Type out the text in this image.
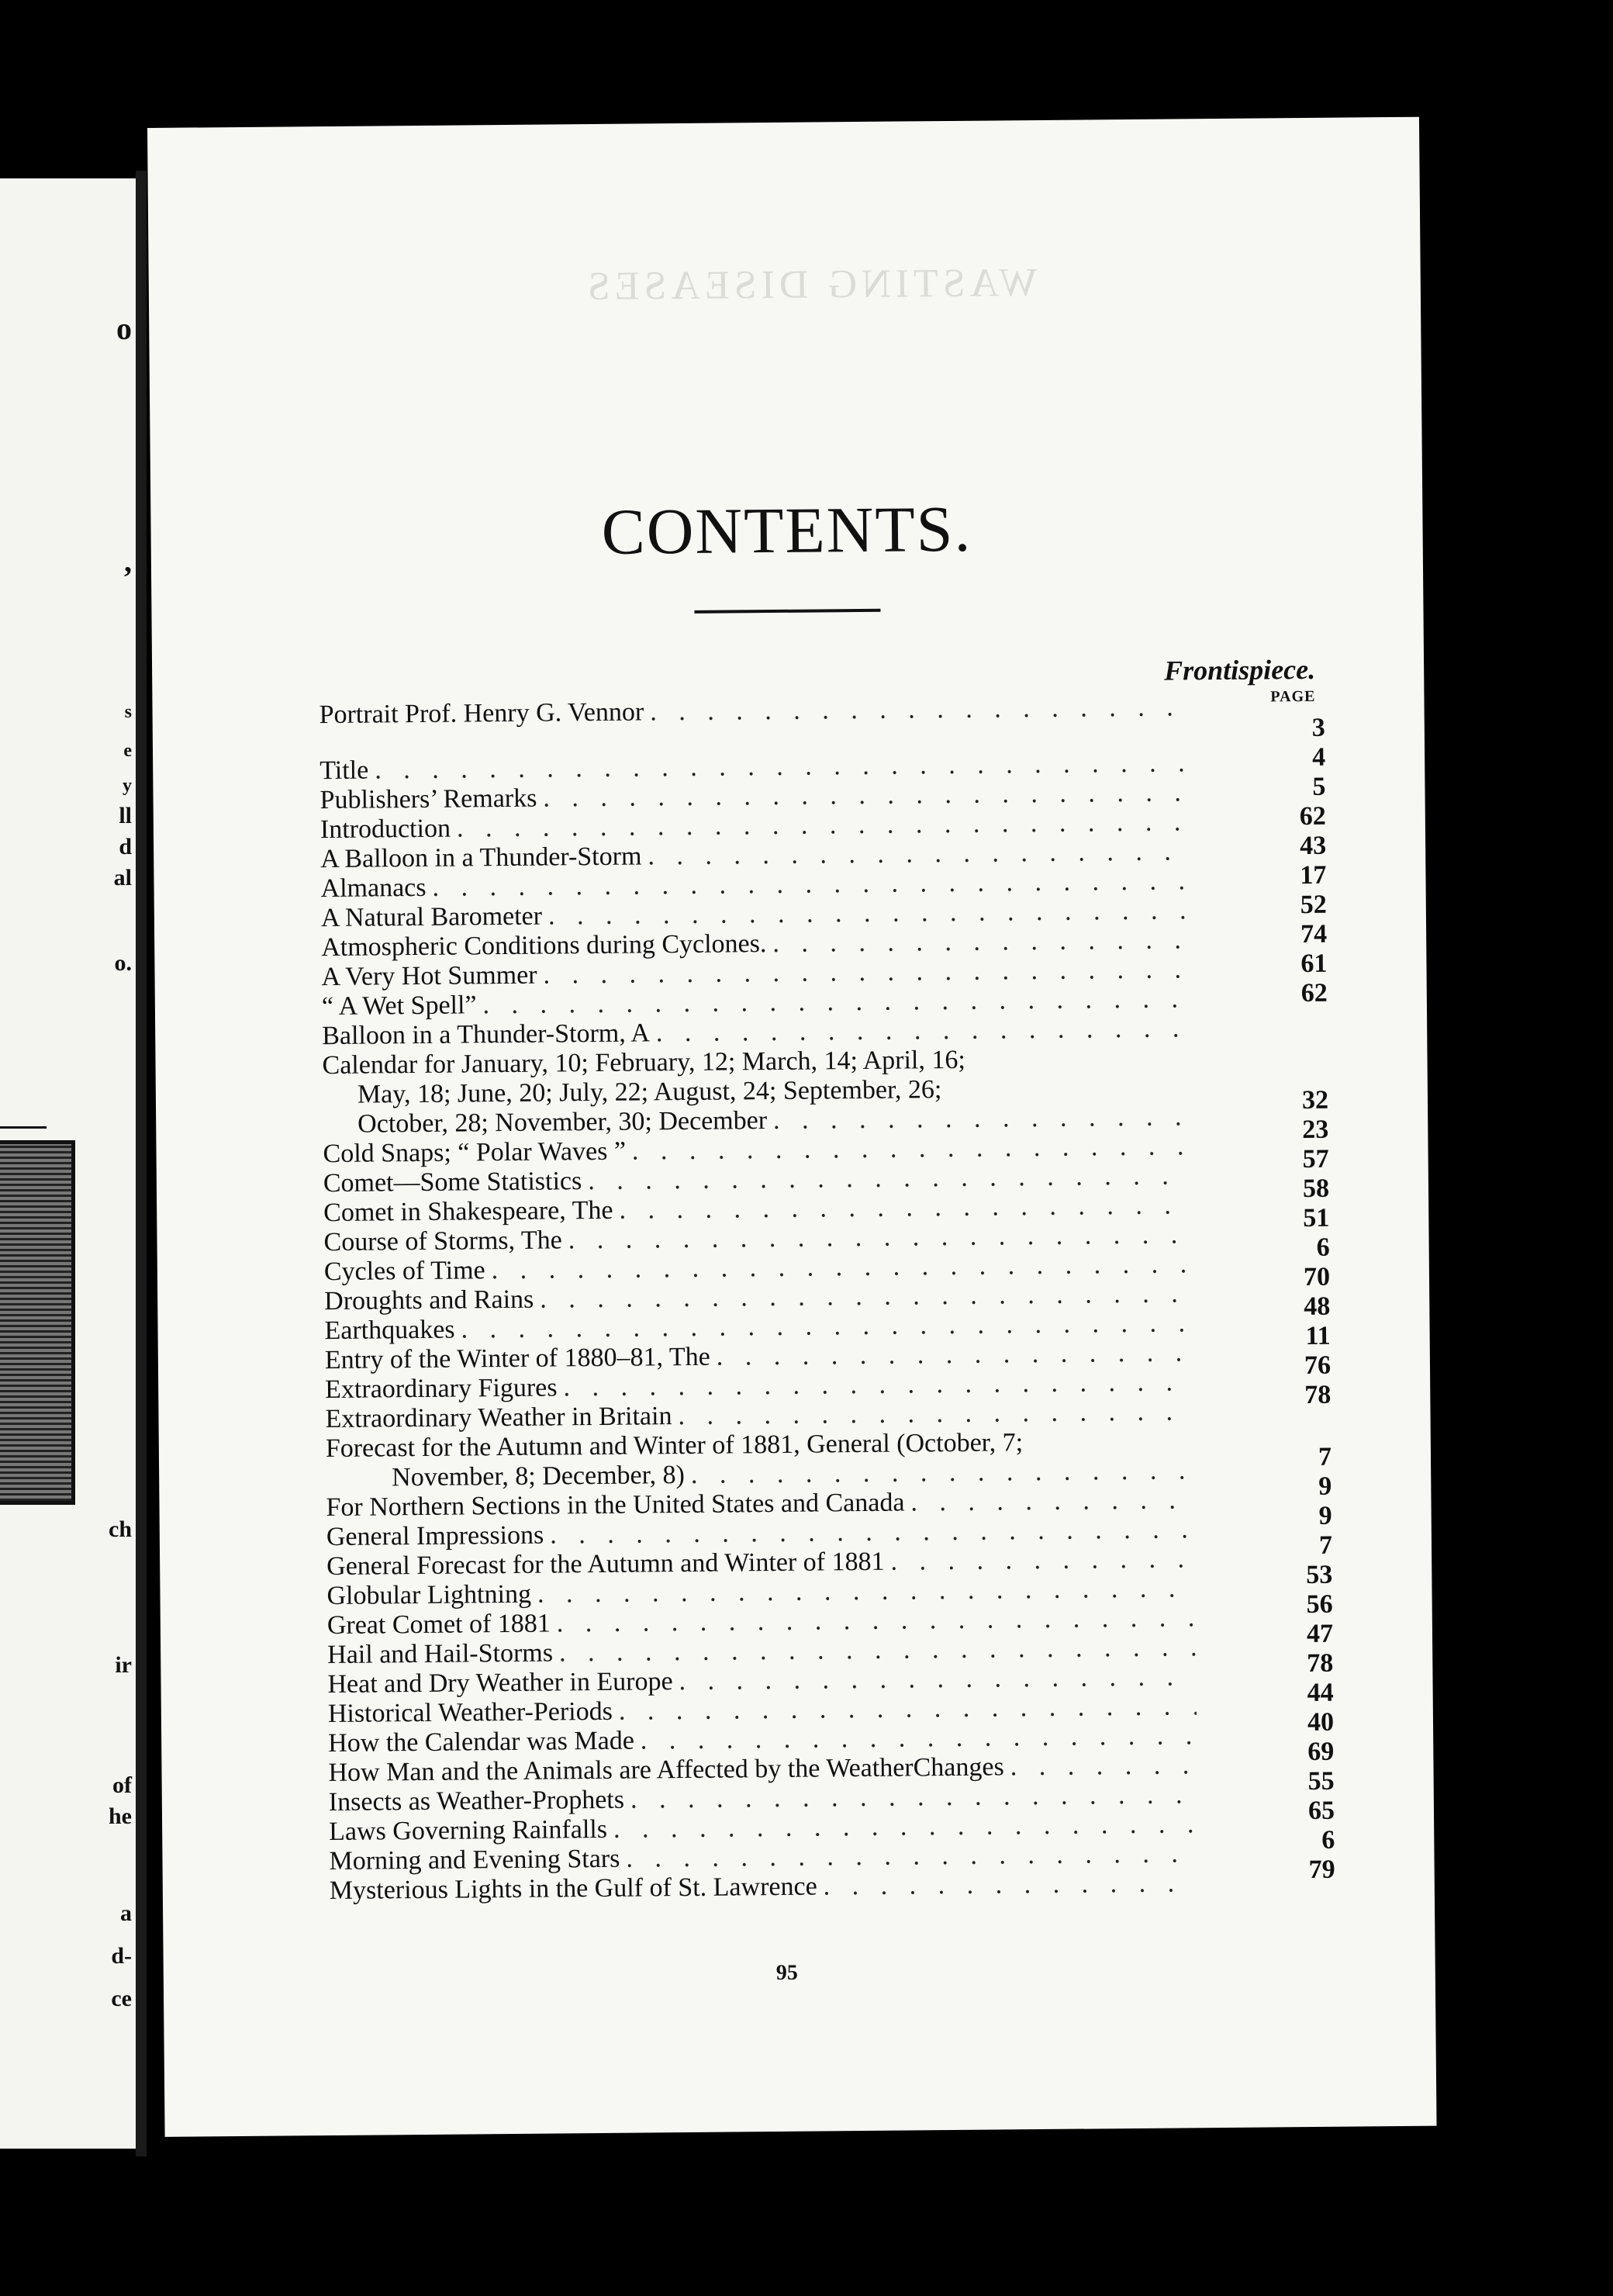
o
,
s
e
y
ll
d
al
o.
ch
ir
of
he
a
d-
ce
WASTING DISEASES
CONTENTS.
Frontispiece.
PAGE
Portrait Prof. Henry G. Vennor
. . .
Title
. . .
Publishers’ Remarks
. . .
Introduction
. . .
A Balloon in a Thunder-Storm
. . .
Almanacs
. . .
A Natural Barometer
. . .
Atmospheric Conditions during Cyclones.
. . .
A Very Hot Summer
. . .
“ A Wet Spell”
. . .
Balloon in a Thunder-Storm, A
. . .
Calendar for January, 10; February, 12; March, 14; April, 16;
May, 18; June, 20; July, 22; August, 24; September, 26;
October, 28; November, 30; December
. . .
Cold Snaps; “ Polar Waves ”
. . .
Comet—Some Statistics
. . .
Comet in Shakespeare, The
. . .
Course of Storms, The
. . .
Cycles of Time
. . .
Droughts and Rains
. . .
Earthquakes
. . .
Entry of the Winter of 1880–81, The
. . .
Extraordinary Figures
. . .
Extraordinary Weather in Britain
. . .
Forecast for the Autumn and Winter of 1881, General (October, 7;
November, 8; December, 8)
. . .
For Northern Sections in the United States and Canada
. . .
General Impressions
. . .
General Forecast for the Autumn and Winter of 1881
. . .
Globular Lightning
. . .
Great Comet of 1881
. . .
Hail and Hail-Storms
. . .
Heat and Dry Weather in Europe
. . .
Historical Weather-Periods
. . .
How the Calendar was Made
. . .
How Man and the Animals are Affected by the WeatherChanges
. . .
Insects as Weather-Prophets
. . .
Laws Governing Rainfalls
. . .
Morning and Evening Stars
. . .
Mysterious Lights in the Gulf of St. Lawrence
. . .
3
4
5
62
43
17
52
74
61
62
32
23
57
58
51
6
70
48
11
76
78
7
9
9
7
53
56
47
78
44
40
69
55
65
6
79
95
